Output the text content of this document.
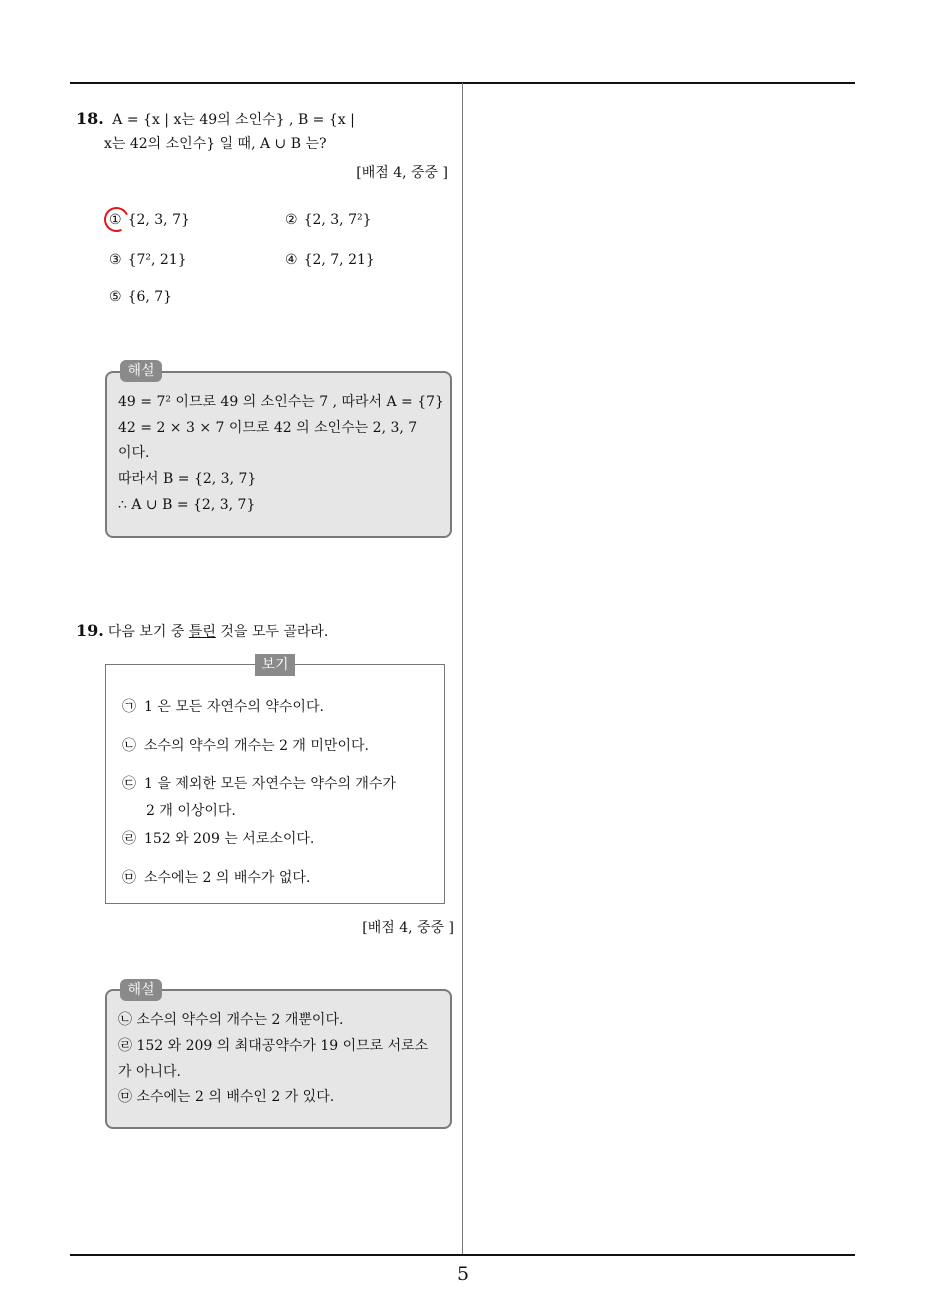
5
18. A = {x | x는 49의 소인수} , B = {x |
x는 42의 소인수} 일 때, A ∪ B 는?
[배점 4, 중중 ]
① {2, 3, 7}	② {2, 3, 7²}
③ {7², 21}	④ {2, 7, 21}
⑤ {6, 7}
해설
49 = 7² 이므로 49 의 소인수는 7 , 따라서 A = {7}
42 = 2 × 3 × 7 이므로 42 의 소인수는 2, 3, 7
이다.
따라서 B = {2, 3, 7}
∴ A ∪ B = {2, 3, 7}
19. 다음 보기 중 틀린 것을 모두 골라라.
보기
㉠ 1 은 모든 자연수의 약수이다.
㉡ 소수의 약수의 개수는 2 개 미만이다.
㉢ 1 을 제외한 모든 자연수는 약수의 개수가
2 개 이상이다.
㉣ 152 와 209 는 서로소이다.
㉤ 소수에는 2 의 배수가 없다.
[배점 4, 중중 ]
해설
㉡ 소수의 약수의 개수는 2 개뿐이다.
㉣ 152 와 209 의 최대공약수가 19 이므로 서로소
가 아니다.
㉤ 소수에는 2 의 배수인 2 가 있다.
